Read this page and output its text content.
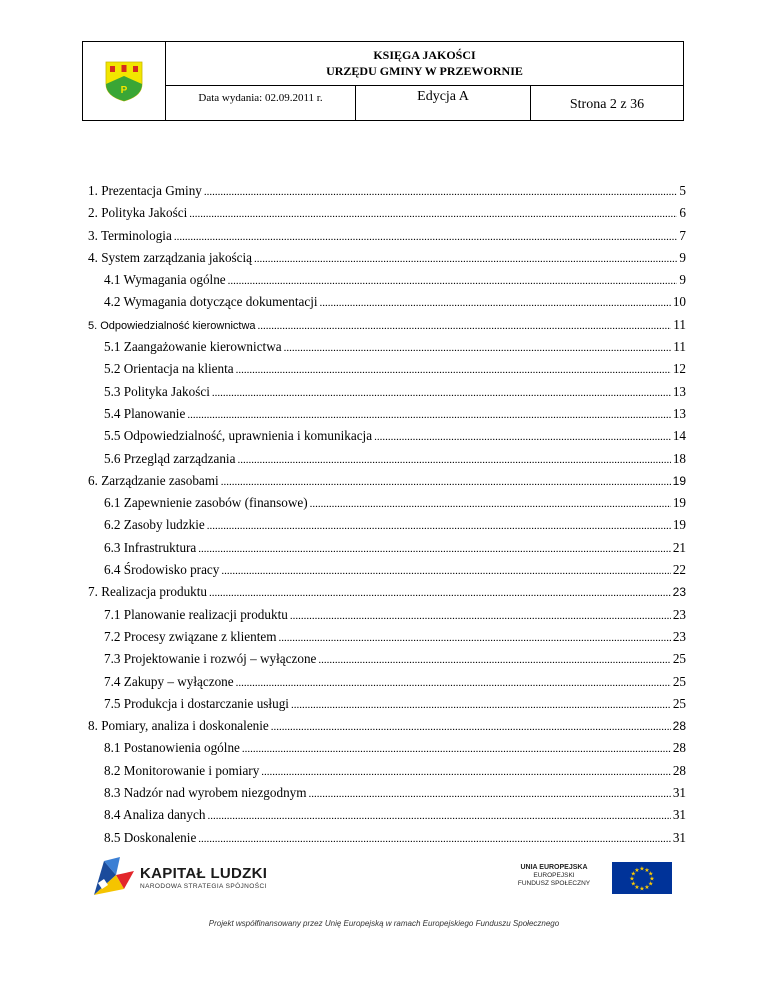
P
KSIĘGA JAKOŚCI
URZĘDU GMINY W PRZEWORNIE
Data wydania: 02.09.2011 r.	Edycja A
Strona 2 z 36
1. Prezentacja Gminy .....	5
2. Polityka Jakości .....	6
3. Terminologia .....	7
4. System zarządzania jakością .....	9
4.1 Wymagania ogólne .....	9
4.2 Wymagania dotyczące dokumentacji .....	10
5. Odpowiedzialność kierownictwa .....	11
5.1 Zaangażowanie kierownictwa .....	11
5.2 Orientacja na klienta .....	12
5.3 Polityka Jakości .....	13
5.4 Planowanie .....	13
5.5 Odpowiedzialność, uprawnienia i komunikacja .....	14
5.6 Przegląd zarządzania .....	18
6. Zarządzanie zasobami .....	19
6.1 Zapewnienie zasobów (finansowe) .....	19
6.2 Zasoby ludzkie .....	19
6.3 Infrastruktura .....	21
6.4 Środowisko pracy .....	22
7. Realizacja produktu .....	23
7.1 Planowanie realizacji produktu .....	23
7.2 Procesy związane z klientem .....	23
7.3 Projektowanie i rozwój – wyłączone .....	25
7.4 Zakupy – wyłączone .....	25
7.5 Produkcja i dostarczanie usługi .....	25
8. Pomiary, analiza i doskonalenie .....	28
8.1 Postanowienia ogólne .....	28
8.2 Monitorowanie i pomiary .....	28
8.3 Nadzór nad wyrobem niezgodnym .....	31
8.4 Analiza danych .....	31
8.5 Doskonalenie .....	31
KAPITAŁ LUDZKI
NARODOWA STRATEGIA SPÓJNOŚCI
UNIA EUROPEJSKA
EUROPEJSKI
FUNDUSZ SPOŁECZNY
★
★
★
★
★
★
★
★
★ ★ ★
★
Projekt współfinansowany przez Unię Europejską w ramach Europejskiego Funduszu Społecznego
